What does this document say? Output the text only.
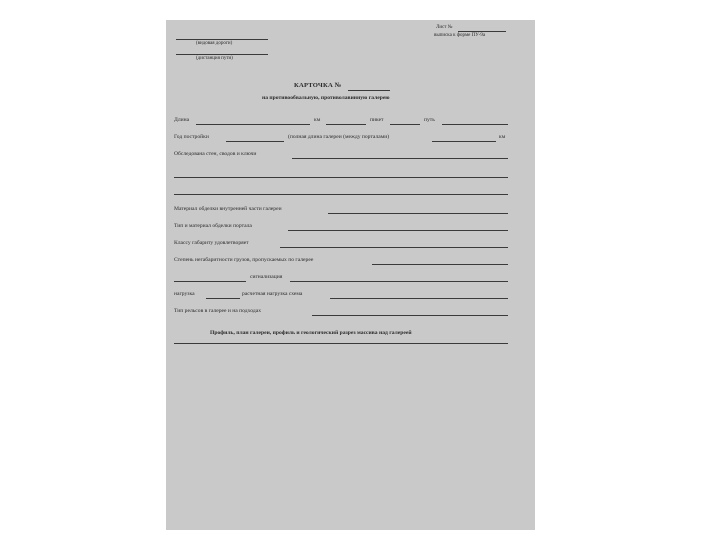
(видовая дороги)
(дистанция пути)
Лист №
выписка к форме ПУ-9а
КАРТОЧКА №
на противообвальную, противолавинную галерею
Длина	км	пикет	путь
Год постройки	(полная длина галереи (между порталами)	км
Обследована стен, сводов и ключи
Материал обделки внутренней части галереи
Тип и материал обделки портала
Классу габариту удовлетворяет
Степень негабаритности грузов, пропускаемых по галерее
сигнализация
нагрузка	расчетная нагрузка схема
Тип рельсов в галерее и на подходах
Профиль, план галереи, профиль и геологический разрез массива над галереей
